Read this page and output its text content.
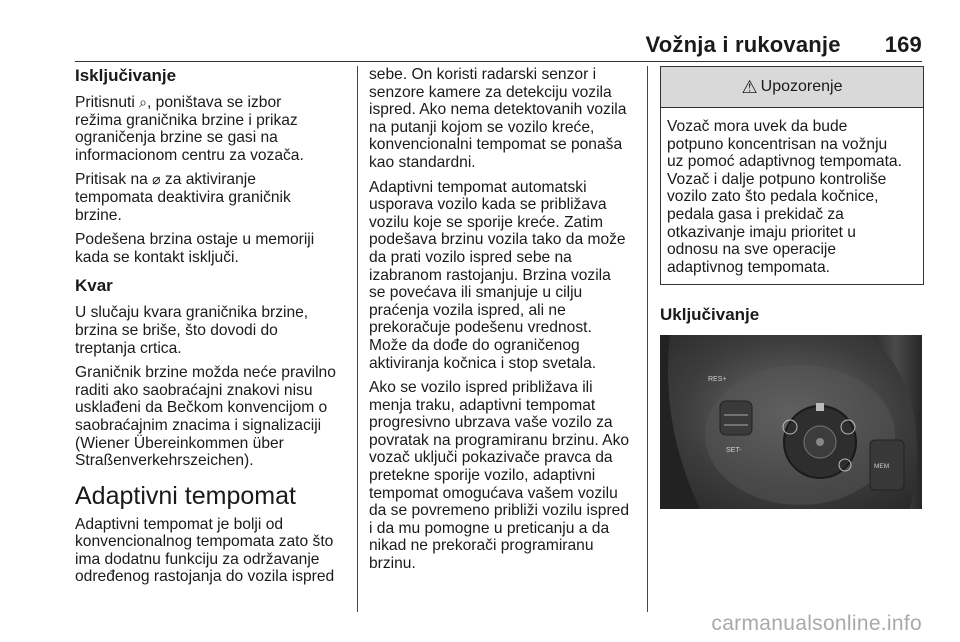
Vožnja i rukovanje 169
Isključivanje

Pritisnuti ⌕, poništava se izbor
režima graničnika brzine i prikaz
ograničenja brzine se gasi na
informacionom centru za vozača.

Pritisak na ⌀ za aktiviranje
tempomata deaktivira graničnik
brzine.

Podešena brzina ostaje u memoriji
kada se kontakt isključi.

Kvar

U slučaju kvara graničnika brzine,
brzina se briše, što dovodi do
treptanja crtica.

Graničnik brzine možda neće pravilno
raditi ako saobraćajni znakovi nisu
usklađeni da Bečkom konvencijom o
saobraćajnim znacima i signalizaciji
(Wiener Übereinkommen über
Straßenverkehrszeichen).

Adaptivni tempomat

Adaptivni tempomat je bolji od
konvencionalnog tempomata zato što
ima dodatnu funkciju za održavanje
određenog rastojanja do vozila ispred

sebe. On koristi radarski senzor i
senzore kamere za detekciju vozila
ispred. Ako nema detektovanih vozila
na putanji kojom se vozilo kreće,
konvencionalni tempomat se ponaša
kao standardni.

Adaptivni tempomat automatski
usporava vozilo kada se približava
vozilu koje se sporije kreće. Zatim
podešava brzinu vozila tako da može
da prati vozilo ispred sebe na
izabranom rastojanju. Brzina vozila
se povećava ili smanjuje u cilju
praćenja vozila ispred, ali ne
prekoračuje podešenu vrednost.
Može da dođe do ograničenog
aktiviranja kočnica i stop svetala.

Ako se vozilo ispred približava ili
menja traku, adaptivni tempomat
progresivno ubrzava vaše vozilo za
povratak na programiranu brzinu. Ako
vozač uključi pokazivače pravca da
pretekne sporije vozilo, adaptivni
tempomat omogućava vašem vozilu
da se povremeno približi vozilu ispred
i da mu pomogne u preticanju a da
nikad ne prekorači programiranu
brzinu.

⚠ Upozorenje
Vozač mora uvek da bude
potpuno koncentrisan na vožnju
uz pomoć adaptivnog tempomata.
Vozač i dalje potpuno kontroliše
vozilo zato što pedala kočnice,
pedala gasa i prekidač za
otkazivanje imaju prioritet u
odnosu na sve operacije
adaptivnog tempomata.
Uključivanje
RES+
SET-
MEM
carmanualsonline.info
